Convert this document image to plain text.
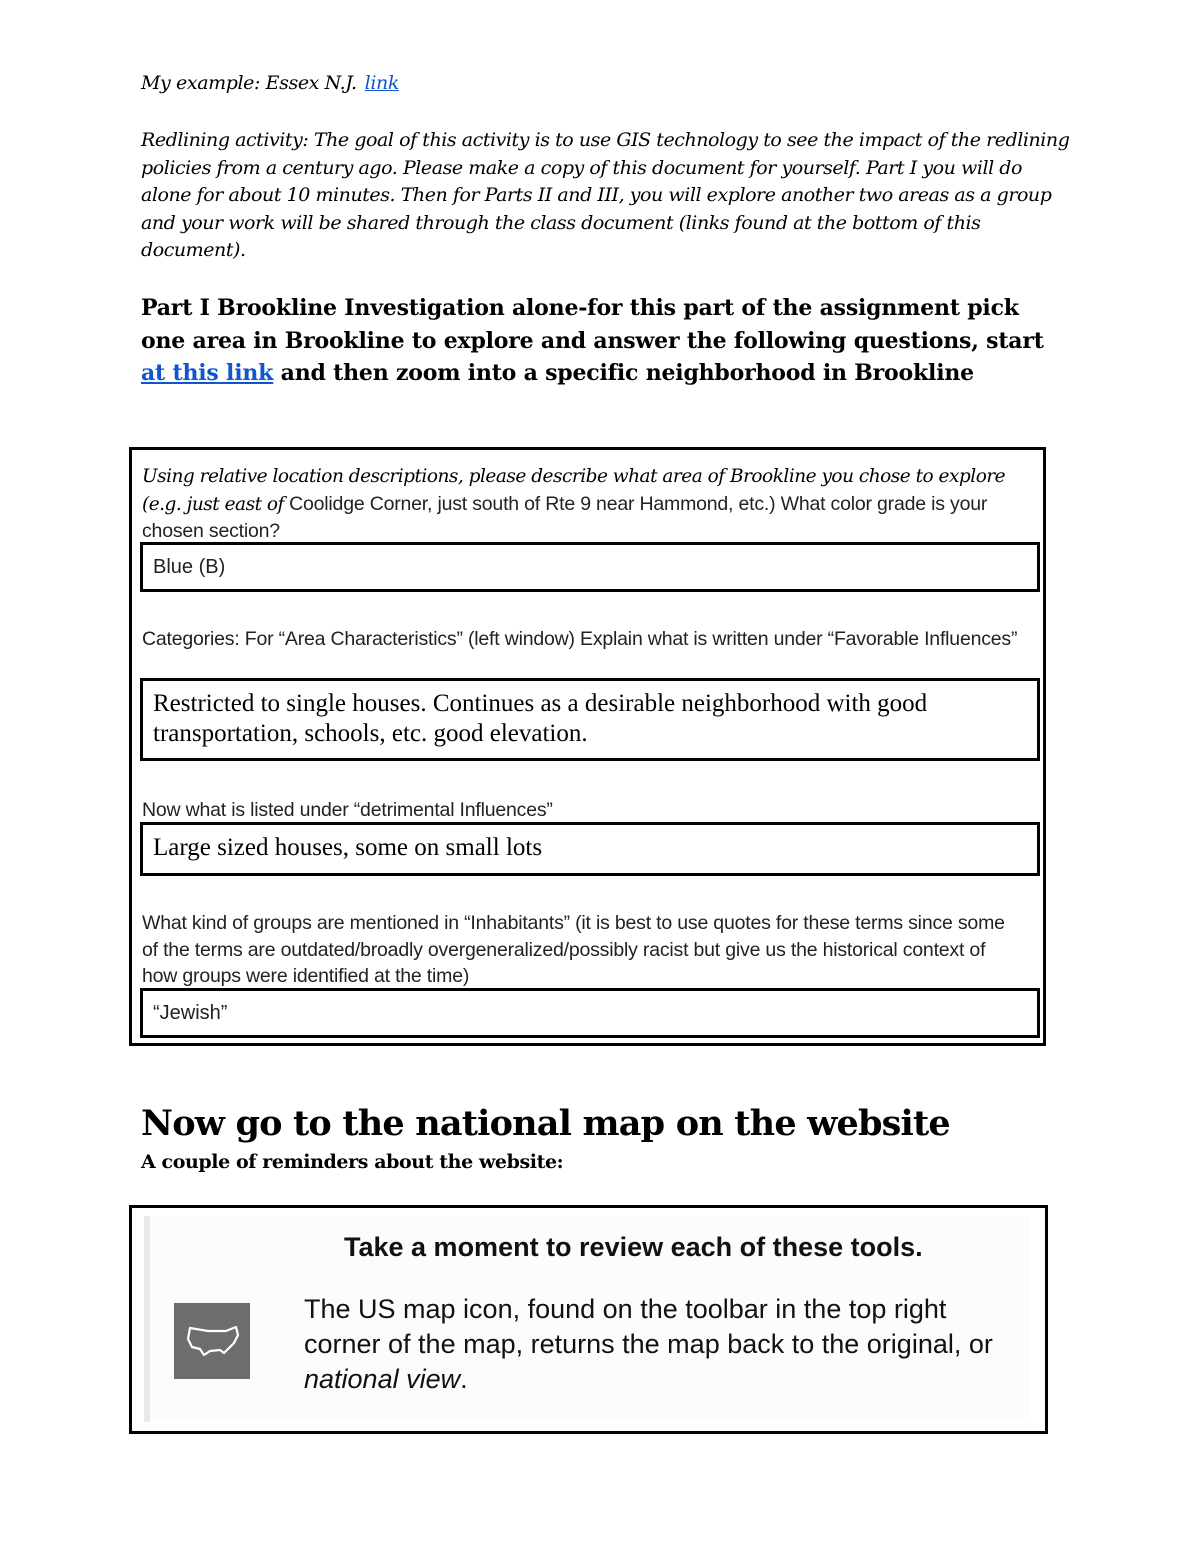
My example: Essex N.J. link
Redlining activity: The goal of this activity is to use GIS technology to see the impact of the redlining policies from a century ago. Please make a copy of this document for yourself. Part I you will do alone for about 10 minutes. Then for Parts II and III, you will explore another two areas as a group and your work will be shared through the class document (links found at the bottom of this document).
Part I Brookline Investigation alone-for this part of the assignment pick one area in Brookline to explore and answer the following questions, start at this link and then zoom into a specific neighborhood in Brookline
Using relative location descriptions, please describe what area of Brookline you chose to explore (e.g. just east of Coolidge Corner, just south of Rte 9 near Hammond, etc.) What color grade is your chosen section?
Blue (B)
Categories: For “Area Characteristics” (left window) Explain what is written under “Favorable Influences”
Restricted to single houses. Continues as a desirable neighborhood with good transportation, schools, etc. good elevation.
Now what is listed under “detrimental Influences”
Large sized houses, some on small lots
What kind of groups are mentioned in “Inhabitants” (it is best to use quotes for these terms since some of the terms are outdated/broadly overgeneralized/possibly racist but give us the historical context of how groups were identified at the time)
“Jewish”
Now go to the national map on the website
A couple of reminders about the website:
Take a moment to review each of these tools.
The US map icon, found on the toolbar in the top right corner of the map, returns the map back to the original, or national view.
